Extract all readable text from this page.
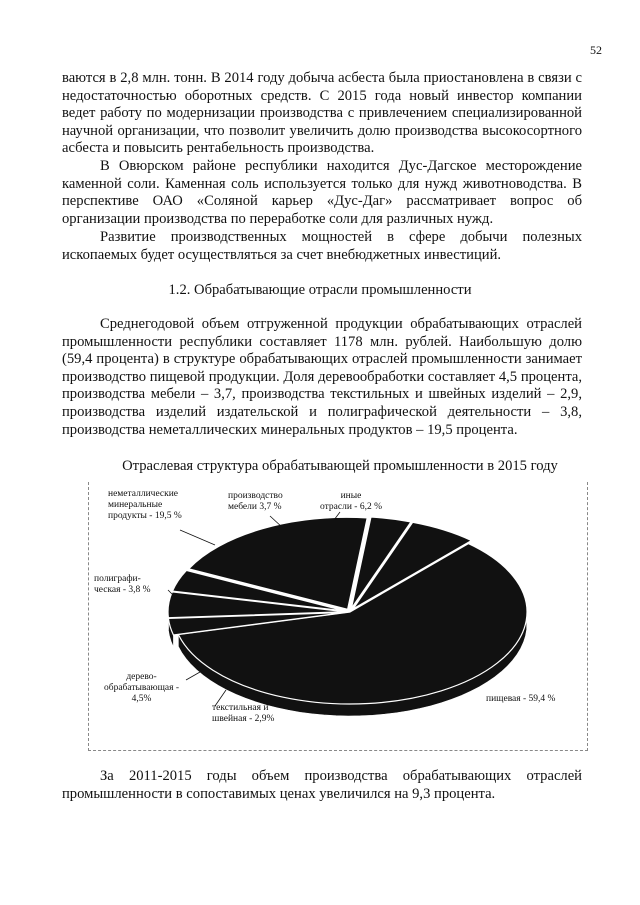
52

ваются в 2,8 млн. тонн. В 2014 году добыча асбеста была приостановлена в связи с недостаточностью оборотных средств. С 2015 года новый инвестор компании ведет работу по модернизации производства с привлечением специализированной научной организации, что позволит увеличить долю производства высокосортного асбеста и повысить рентабельность производства.

В Овюрском районе республики находится Дус-Дагское месторождение каменной соли. Каменная соль используется только для нужд животноводства. В перспективе ОАО «Соляной карьер «Дус-Даг» рассматривает вопрос об организации производства по переработке соли для различных нужд.

Развитие производственных мощностей в сфере добычи полезных ископаемых будет осуществляться за счет внебюджетных инвестиций.

1.2. Обрабатывающие отрасли промышленности

Среднегодовой объем отгруженной продукции обрабатывающих отраслей промышленности республики составляет 1178 млн. рублей. Наибольшую долю (59,4 процента) в структуре обрабатывающих отраслей промышленности занимает производство пищевой продукции. Доля деревообработки составляет 4,5 процента, производства мебели – 3,7, производства текстильных и швейных изделий – 2,9, производства изделий издательской и полиграфической деятельности – 3,8, производства неметаллических минеральных продуктов – 19,5 процента.

Отраслевая структура обрабатывающей промышленности в 2015 году
пищевая - 59,4 %
текстильная и
швейная - 2,9%
дерево-
обрабатывающая -
4,5%
полиграфи-
ческая - 3,8 %
неметаллические
минеральные
продукты - 19,5 %
производство
мебели 3,7 %
иные
отрасли - 6,2 %

За 2011-2015 годы объем производства обрабатывающих отраслей промышленности в сопоставимых ценах увеличился на 9,3 процента.
